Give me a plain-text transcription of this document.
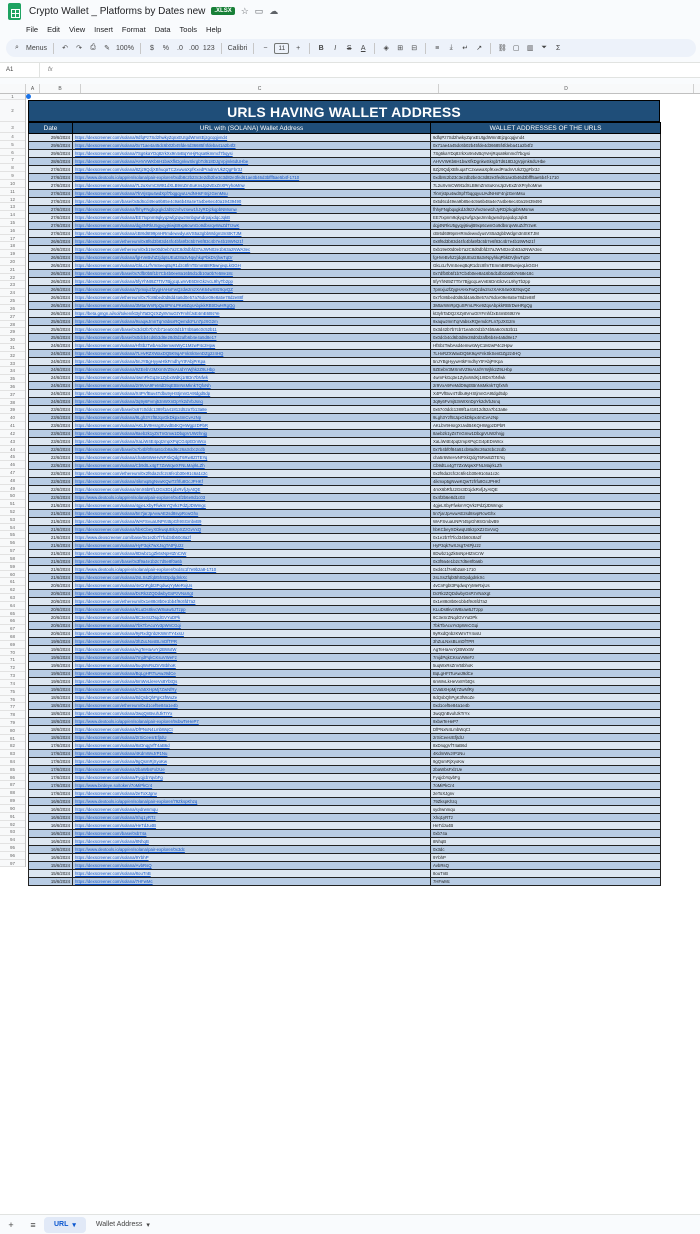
Crypto Wallet _ Platforms by Dates new	.XLSX	☆ ▭ ☁
File Edit View Insert Format Data Tools Help
⌕	Menus ↶ ↷	⎙	✎ 100%	$	% .0 .00 123 Calibri	−	11	+	B	I	S	A	◈	⊞ ⊟	≡	⤓	↵ ↗ ⛓ ▢ ▥	⏷	Σ
A1	fx
A	B	C	D
1
2
3
4
5
6
7
8
9
10
11
12
13
14
15
16
17
18
19
20
21
22
23
24
25
26
27
28
29
30
31
32
33
34
35
36
37
38
39
40
41
42
43
44
45
46
47
48
49
50
51
52
53
54
55
56
57
58
59
60
61
62
63
64
65
66
67
68
69
70
71
72
73
74
75
76
77
78
79
80
81
82
83
84
85
86
87
88
89
90
91
92
93
94
95
96
97
URLS HAVING WALLET ADDRESS
Date	URL with (SOLANA) Wallet Address	WALLET ADDRESSES OF THE URLS
29/6/2024	https://dexscreener.com/solana/9dfqPz7Sd2hwkyZqnxEUtgdWmntEjzgcqqjvnd4	9dfqPz7Sd2hwkyZqnxEUtgdWmntEjzgcqqjvnd4
29/6/2024	https://dexscreener.com/solana/0x71ae4a45dc6b02b45fde4d36685f4fdeba41a2b4f2	0x71ae4a45dc6b02b45fde4d36685f4fdeba41a2b4f2
29/6/2024	https://dexscreener.com/solana/7Sg6kaYDq8zrkXx9n4vBqYvHjRqsa9kmmcf7bqysi	7Sg6kaYDq8zrkXx9n4vBqYvHjRqsa9kmmcf7bqysi
28/6/2024	https://dexscreener.com/solana/AHVVWKb6H1bwXfkDgnkwSkrgbTd618DJgVpjmk6dUHbe	AHVVWKb6H1bwXfkDgnkwSkrgbTd618DJgVpjmk6dUHbe
27/6/2024	https://dexscreener.com/solana/8Zjz9QdjXBhuqaTC2xwwaXpfKxedPradnVUkZQgFbr3J	8Zjz9QdjXBhuqaTC2xwwaXpfKxedPradnVUkZQgFbr3J
27/6/2024	https://www.dextools.io/app/en/solana/pair-explorer/0xdb8c2b23c3e2db2be3c3d82e3fed61ae3b46d3bfff5ae5b4f-1710	0xdb8c2b23c3e2db2be3c3d82e3fed61ae3b46d3bfff5ae5b4f-1710
27/6/2024	https://dexscreener.com/solana/7L2uXvmCW9t1dXLB9mZmSuKnsJp2vExZnXPryhoMnw	7L2uXvmCW9t1dXLB9mZmSuKnsJp2vExZnXPryhoMnw
27/6/2024	https://dexscreener.com/solana/7kVrjstpu4wdXpf7bqgqyuUAdNHsF4njzGenMsu	7kVrjstpu4wdXpf7bqgqyuUAdNHsF4njzGenMsu
27/6/2024	https://dexscreener.com/base/0x5d6cd49ea9b85e4c9a6b48a4e7a4be6ec40a19439490	0x5d6cd49ea9b85e4c9a6b48a4e7a4be6ec40a19439490
27/6/2024	https://dexscreener.com/solana/fhhyFNgbqxgkdJd9zzvhvzsew1hJyRDjzkqpbNMsmw	fhhyFNgbqxgkdJd9zzvhvzsew1hJyRDjzkqpbNMsmw
27/6/2024	https://dexscreener.com/solana/EE7Ixpnm9qkyqzwfgzqwJmnbgwndrpajxdqcJqkB	EE7Ixpnm9qkyqzwfgzqwJmnbgwndrpajxdqcJqkB
27/6/2024	https://dexscreener.com/solana/dqj4NRkU5gyqyj6iwjB9xp6cwnGo9dbsrqvWuZdTrzwK	dqj4NRkU5gyqyj6iwjB9xp6cwnGo9dbsrqvWuZdTrzwK
27/6/2024	https://dexscreener.com/solana/cBr6d6t99pnHRmdewvdyusVS5a3gbbWdgm3nStKTJM	cBr6d6t99pnHRmdewvdyusVS5a3gbbWdgm3nStKTJM
26/6/2024	https://dexscreener.com/ethereum/0x8f6d3b83d44fc4bfa9f3c5b7e6f83c4b7e4b19WN21f	0x8f6d3b83d44fc4bfa9f3c5b7e6f83c4b7e4b19WN21f
26/6/2024	https://dexscreener.com/ethereum/0xb19e00d0eb7a2C8d0dbfd37aJWN02e1b63a2NWA3ec	0xb19e00d0eb7a2C8d0dbfd37aJWN02e1b63a2NWA3ec
26/6/2024	https://dexscreener.com/solana/fgHVeBvhZzjdq6UEutz8a3vNpyhkqPbkDVjhwTqDr	fgHVeBvhZzjdq6UEutz8a3vNpyhkqPbkDVjhwTqDr
26/6/2024	https://dexscreener.com/solana/GkLcLrfVmSeeqBqR1dzc8fmTEmmB8R5wnjeqLkGGH	GkLcLrfVmSeeqBqR1dzc8fmTEmmB8R5wnjeqLkGGH
26/6/2024	https://dexscreener.com/base/0x7dfb0b5f1b7Cb4b0ee8a16b5d1db10a0b7e58e18c	0x7dfb0b5f1b7Cb4b0ee8a16b5d1db10a0b7e58e18c
26/6/2024	https://dexscreener.com/solana/5fyYhNt9Z7TtV7BjgcqLwVvE6DnGkzvcL9hyTb2pp	5fyYhNt9Z7TtV7BjgcqLwVvE6DnGkzvcL9hyTb2pp
26/6/2024	https://dexscreener.com/solana/7pmxjuzfZygHAHxFwQzdw2rxzXAK64wX8z9qvQZ	7pmxjuzfZygHAHxFwQzdw2rxzXAK64wX8z9qvQZ
26/6/2024	https://dexscreener.com/ethereum/0x7fc86bed0d8dd4a6d0e57a76dce09e8a5e78d2e88f	0x7fc86bed0d8dd4a6d0e57a76dce09e8a5e78d2e88f
26/6/2024	https://dexscreener.com/solana/3MtarWnRpQuSPmLPKe9ZqsAbpkkRBtrDwHRgQg	3MtarWnRpQuSPmLPKe9ZqsAbpkkRBtrDwHRgQg
26/6/2024	https://beta.gmgn.ai/sol/token/kt3yhTaDQzXZy8VnuGtYFmhfJxE4mE6t9zYe	kt3yhTaDQzXZy8VnuGtYFmhfJxE4mE6t9zYe
25/6/2024	https://dexscreener.com/solana/9xaqwJmnTqrVabsxRQemdcFLn7pJXG2m	9xaqwJmnTqrVabsxRQemdcFLn7pJXG2m
25/6/2024	https://dexscreener.com/base/0x3d42b7b7cb71ea0c0d1b74b5a6c0c52b11	0x3d42b7b7cb71ea0c0d1b74b5a6c0c52b11
25/6/2024	https://dexscreener.com/base/0x0dcb4cd6b3d8e28d0d2afb6b4e4a5d8e17	0x0dcb4cd6b3d8e28d0d2afb6b4e4a5d8e17
24/6/2024	https://dexscreener.com/solana/HfSbzTwbAsd4emwsWyC1MzwP4c2Hpw	HfSbzTwbAsd4emwsWyC1MzwP4c2Hpw
24/6/2024	https://dexscreener.com/solana/7LHvRZXWaxDQ5K9qAFnkSkSenDZg2z4HQ	7LHvRZXWaxDQ5K9qAFnkSkSenDZg2z4HQ
24/6/2024	https://dexscreener.com/solana/5nJYBgHyywHtkFmdhyYtFAbjPrKpa	5nJYBgHyywHtkFmdhyYtFAbjPrKpa
24/6/2024	https://dexscreener.com/solana/9ZEebV3MXmtVZ9xAUdYrWjhk2Z9LHbp	9ZEebV3MXmtVZ9xAUdYrWjhk2Z9LHbp
24/6/2024	https://dexscreener.com/solana/4wmFkGq3e1ZybxWdKj1r8Dn7bNfwk	4wmFkGq3e1ZybxWdKj1r8Dn7bNfwk
24/6/2024	https://dexscreener.com/solana/2r9VxA9FeMdD9qEtBnNsMknkTQfxNh	2r9VxA9FeMdD9qEtBnNsMknkTQfxNh
24/6/2024	https://dexscreener.com/solana/X4PVfBuv4Tdbu9yHStjmnGA9tdgd5dp	X4PVfBuv4Tdbu9yHStjmnGA9tdgd5dp
24/6/2024	https://dexscreener.com/solana/3q9y6Fvmj53nWXnDpYk2dVbJsnq	3q9y6Fvmj53nWXnDpYk2dVbJsnq
23/6/2024	https://dexscreener.com/base/0x67c0ddc1389f1a41812d52a7b13a8e	0x67c0ddc1389f1a41812d52a7b13a8e
23/6/2024	https://dexscreener.com/solana/9Lgh3Yzf5tJqxGkDkpx4mCvAzNp	9Lgh3Yzf5tJqxGkDkpx4mCvAzNp
23/6/2024	https://dexscreener.com/solana/AKLbV9HsrgXUvdB4KQHWgpzDPbR	AKLbV9HsrgXUvdB4KQHWgpzDPbR
23/6/2024	https://dexscreener.com/solana/8aeb2k1yZsTnGmw1DbqpVUWzhnjg	8aeb2k1yZsTnGmw1DbqpVUWzhnjg
23/6/2024	https://dexscreener.com/solana/XaLiW4E4pqtzmpXPqCG4pEDnWcx	XaLiW4E4pqtzmpXPqCG4pEDnWcx
22/6/2024	https://dexscreener.com/base/0x7b4bf0f84a51cb8ad6c26a3cbc2cdb	0x7b4bf0f84a51cb8ad6c26a3cbc2cdb
22/6/2024	https://dexscreener.com/solana/cha5r6WeHvNPXkQdgT6Rw8ZtTEYq	cha5r6WeHvNPXkQdgT6Rw8ZtTEYq
22/6/2024	https://dexscreener.com/solana/Cb9dtLx4gT7ZxWqwXFNLMajrkLZh	Cb9dtLx4gT7ZxWqwXFNLMajrkLZh
22/6/2024	https://dexscreener.com/ethereum/0x2f6da2cfc2c6fe1b30e91c6a1c2c	0x2f6da2cfc2c6fe1b30e91c6a1c2c
22/6/2024	https://dexscreener.com/solana/4ikmxp5gNvwKQwTzfrfu8GcJPHKf	4ikmxp5gNvwKQwTzfrfu8GcJPHKf
22/6/2024	https://dexscreener.com/solana/4mX6bRfLt2Gs3D1jdxRvfjJyAtQE	4mX6bRfLt2Gs3D1jdxRvfjJyAtQE
22/6/2024	https://www.dextools.io/app/en/solana/pair-explorer/0x4f2b6e8d1c03	0x4f2b6e8d1c03
21/6/2024	https://dexscreener.com/solana/4gjeLXbyFfwkmYQVkzPdZjJDWmgc	4gjeLXbyFfwkmYQVkzPdZjJDWmgc
21/6/2024	https://dexscreener.com/solana/5n7jarJpAvwAE2sd8svpRcwGhx	5n7jarJpAvwAE2sd8svpRcwGhx
21/6/2024	https://dexscreener.com/solana/WAFSvuaUNPrt45pGh9SGmbvB9	WAFSvuaUNPrt45pGh9SGmbvB9
21/6/2024	https://dexscreener.com/solana/hbKCbeyXDkwqUBkzpXZzGvVxQ	hbKCbeyXDkwqUBkzpXZzGvVxQ
21/6/2024	https://www.dexscreener.com/base/0x1e2b7f7fcd34b60c8a2f	0x1e2b7f7fcd34b60c8a2f
21/6/2024	https://dexscreener.com/solana/HyP3qk7wXJsgTAtPjU2z	HyP3qk7wXJsgTAtPjU2z
21/6/2024	https://dexscreener.com/solana/8Dwbz1gZk6sNpHtZnCrW	8Dwbz1gZk6sNpHtZnCrW
21/6/2024	https://dexscreener.com/base/0x3f9a4e1b2c7d5e8f0a6b	0x3f9a4e1b2c7d5e8f0a6b
21/6/2024	https://www.dextools.io/app/en/solana/pair-explorer/0xd4c1f7e9b2a8-1710	0xd4c1f7e9b2a8-1710
21/6/2024	https://dexscreener.com/solana/2sLSsZfqbt5hSDpdgdnkXc	2sLSsZfqbt5hSDpdgdnkXc
20/6/2024	https://dexscreener.com/solana/4vCnFgbt3PqdwqYyMeRxjUs	4vCnFgbt3PqdwqYyMeRxjUs
20/6/2024	https://dexscreener.com/solana/DcRk2ZQDdwbyGsPzVNaXgt	DcRk2ZQDdwbyGsPzVNaXgt
20/6/2024	https://dexscreener.com/ethereum/0x1e88c8b0e1bb4f9c6fd7a2	0x1e88c8b0e1bb4f9c6fd7a2
20/6/2024	https://dexscreener.com/solana/KLuDs8kvcW8xaw5JTzpp	KLuDs8kvcW8xaw5JTzpp
20/6/2024	https://dexscreener.com/solana/8C3eSrZNqdGVYuDPk	8C3eSrZNqdGVYuDPk
20/6/2024	https://dexscreener.com/solana/7bkTbAcuYv3pWnCGqi	7bkTbAcuYv3pWnCGqi
20/6/2024	https://dexscreener.com/solana/9yRxdQnbzKWmTY4xsU	9yRxdQnbzKWmTY4xsU
19/6/2024	https://dexscreener.com/solana/3hZuLNxsBLmDfTPR	3hZuLNxsBLmDfTPR
19/6/2024	https://dexscreener.com/solana/AgTeHaAvYj2BWxtW	AgTeHaAvYj2BWxtW
19/6/2024	https://dexscreener.com/solana/7mjdPqkCKsuVWeFz	7mjdPqkCKsuVWeFz
19/6/2024	https://dexscreener.com/solana/5uqWxRsZnV5tbhoK	5uqWxRsZnV5tbhoK
19/6/2024	https://dexscreener.com/solana/BqLgHFtTuAwJ9dCe	BqLgHFtTuAwJ9dCe
19/6/2024	https://dexscreener.com/solana/6mWvLkHeVx8YbtQs	6mWvLkHeVx8YbtQs
19/6/2024	https://dexscreener.com/solana/CVa5XHpMj7ZwNfRy	CVa5XHpMj7ZwNfRy
18/6/2024	https://dexscreener.com/solana/8dQsbQhPgK3fWoZe	8dQsbQhPgK3fWoZe
18/6/2024	https://dexscreener.com/ethereum/0xd1cef5e84a1e4b	0xd1cef5e84a1e4b
18/6/2024	https://dexscreener.com/solana/3wqQnBvuhJkTrYx	3wqQnBvuhJkTrYx
18/6/2024	https://www.dextools.io/app/en/solana/pair-explorer/9xbwTeHeP7	9xbwTeHeP7
18/6/2024	https://dexscreener.com/solana/DfPNxN4LmbWqCt	DfPNxN4LmbWqCt
18/6/2024	https://dexscreener.com/solana/2rSiCeesrEfjtdU	2rSiCeesrEfjtdU
17/6/2024	https://dexscreener.com/solana/8xDnqgVfT4aB6d	8xDnqgVfT4aB6d
17/6/2024	https://dexscreener.com/solana/4KdmWvJrP1Nu	4KdmWvJrP1Nu
17/6/2024	https://dexscreener.com/solana/9gQsmRjXyoKw	9gQsmRjXyoKw
17/6/2024	https://dexscreener.com/solana/2baWbsFxlzUe	2baWbsFxlzUe
17/6/2024	https://dexscreener.com/solana/FyqjcbYqvbFg	FyqjcbYqvbFg
17/6/2024	https://www.birdeye.so/token/7oMiPkCr4	7oMiPkCr4
17/6/2024	https://dexscreener.com/solana/2eToXJgnv	2eToXJgnv
16/6/2024	https://www.dextools.io/app/en/solana/pair-explorer/79ZkspKhzq	79ZkspKhzq
16/6/2024	https://dexscreener.com/solana/sydrwnmqu	sydrwnmqu
16/6/2024	https://dexscreener.com/solana/Xhq1yRTz	Xhq1yRTz
16/6/2024	https://dexscreener.com/solana/HeTdJu4B	HeTdJu4B
16/6/2024	https://dexscreener.com/base/0xb74a	0xb74a
16/6/2024	https://dexscreener.com/solana/8NhqB	8NhqB
16/6/2024	https://www.dextools.io/app/en/solana/pair-explorer/0x3dc	0x3dc
16/6/2024	https://dexscreener.com/solana/9YbhP	9YbhP
15/6/2024	https://dexscreener.com/solana/AvbRsQ	AvbRsQ
15/6/2024	https://dexscreener.com/solana/8ouTnB	8ouTnB
15/6/2024	https://dexscreener.com/solana/7HFwMc	7HFwMc
+	≡	URL ▾	Wallet Address ▾
